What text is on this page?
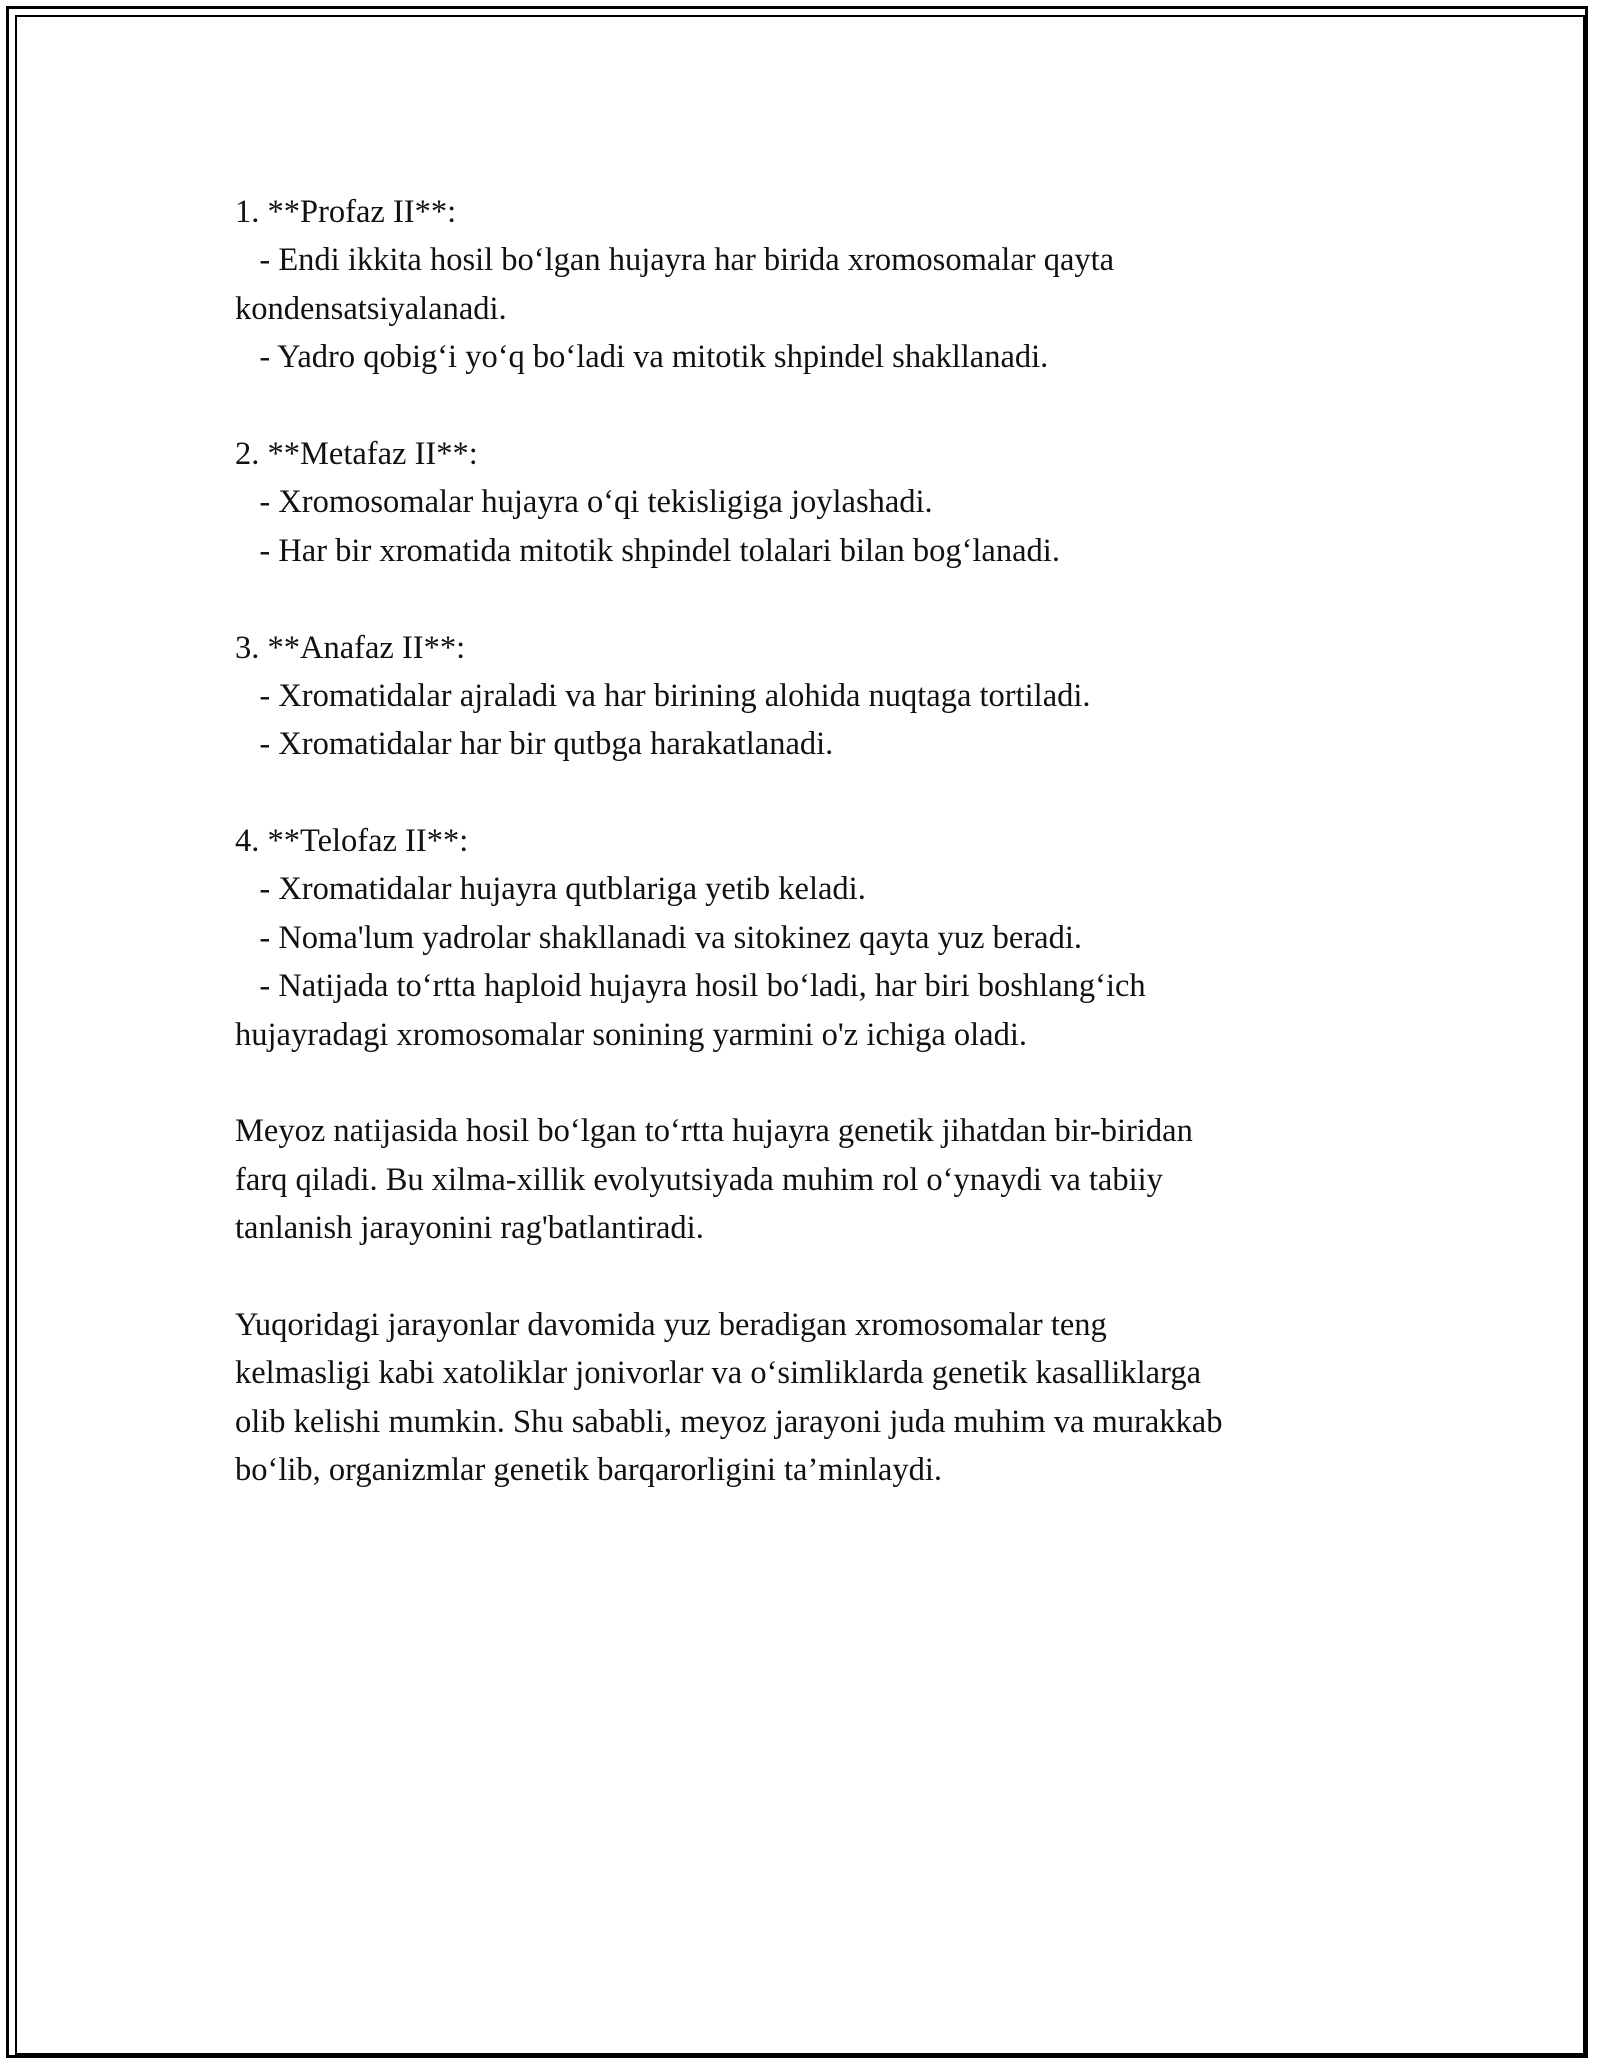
1. **Profaz II**:

- Endi ikkita hosil bo‘lgan hujayra har birida xromosomalar qayta

kondensatsiyalanadi.

- Yadro qobig‘i yo‘q bo‘ladi va mitotik shpindel shakllanadi.

2. **Metafaz II**:

- Xromosomalar hujayra o‘qi tekisligiga joylashadi.

- Har bir xromatida mitotik shpindel tolalari bilan bog‘lanadi.

3. **Anafaz II**:

- Xromatidalar ajraladi va har birining alohida nuqtaga tortiladi.

- Xromatidalar har bir qutbga harakatlanadi.

4. **Telofaz II**:

- Xromatidalar hujayra qutblariga yetib keladi.

- Noma'lum yadrolar shakllanadi va sitokinez qayta yuz beradi.

- Natijada to‘rtta haploid hujayra hosil bo‘ladi, har biri boshlang‘ich

hujayradagi xromosomalar sonining yarmini o'z ichiga oladi.

Meyoz natijasida hosil bo‘lgan to‘rtta hujayra genetik jihatdan bir-biridan

farq qiladi. Bu xilma-xillik evolyutsiyada muhim rol o‘ynaydi va tabiiy

tanlanish jarayonini rag'batlantiradi.

Yuqoridagi jarayonlar davomida yuz beradigan xromosomalar teng

kelmasligi kabi xatoliklar jonivorlar va o‘simliklarda genetik kasalliklarga

olib kelishi mumkin. Shu sababli, meyoz jarayoni juda muhim va murakkab

bo‘lib, organizmlar genetik barqarorligini ta’minlaydi.
